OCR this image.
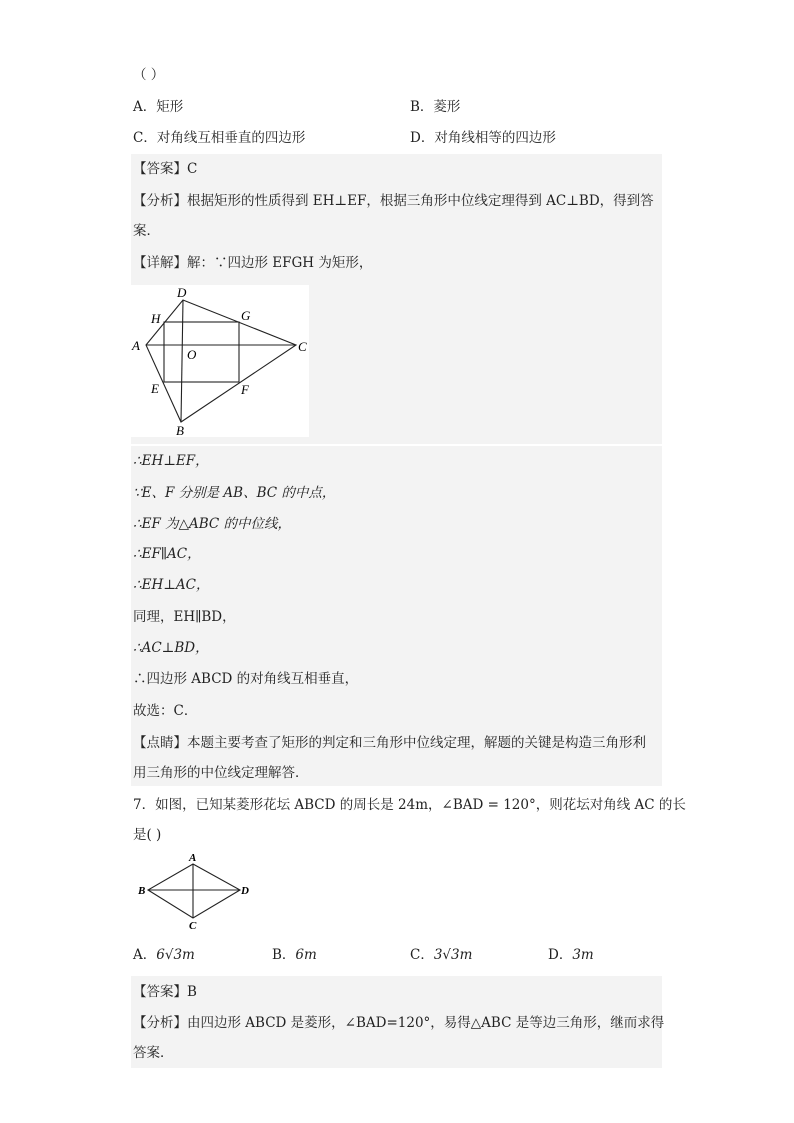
（ ）
A．矩形	B．菱形
C．对角线互相垂直的四边形	D．对角线相等的四边形
【答案】C
【分析】根据矩形的性质得到 EH⊥EF，根据三角形中位线定理得到 AC⊥BD，得到答
案．
【详解】解：∵四边形 EFGH 为矩形，
D
H	G
A
O
C
E	F
B
∴EH⊥EF，
∵E、F 分别是 AB、BC 的中点，
∴EF 为△ABC 的中位线，
∴EF∥AC，
∴EH⊥AC，
同理，EH∥BD，
∴AC⊥BD，
∴四边形 ABCD 的对角线互相垂直，
故选：C．
【点睛】本题主要考查了矩形的判定和三角形中位线定理，解题的关键是构造三角形利
用三角形的中位线定理解答．
7．如图，已知某菱形花坛 ABCD 的周长是 24m，∠BAD = 120°，则花坛对角线 AC 的长
是( )
A
B	D
C
A．6√3m	B．6m	C．3√3m	D．3m
【答案】B
【分析】由四边形 ABCD 是菱形，∠BAD=120°，易得△ABC 是等边三角形，继而求得
答案．
